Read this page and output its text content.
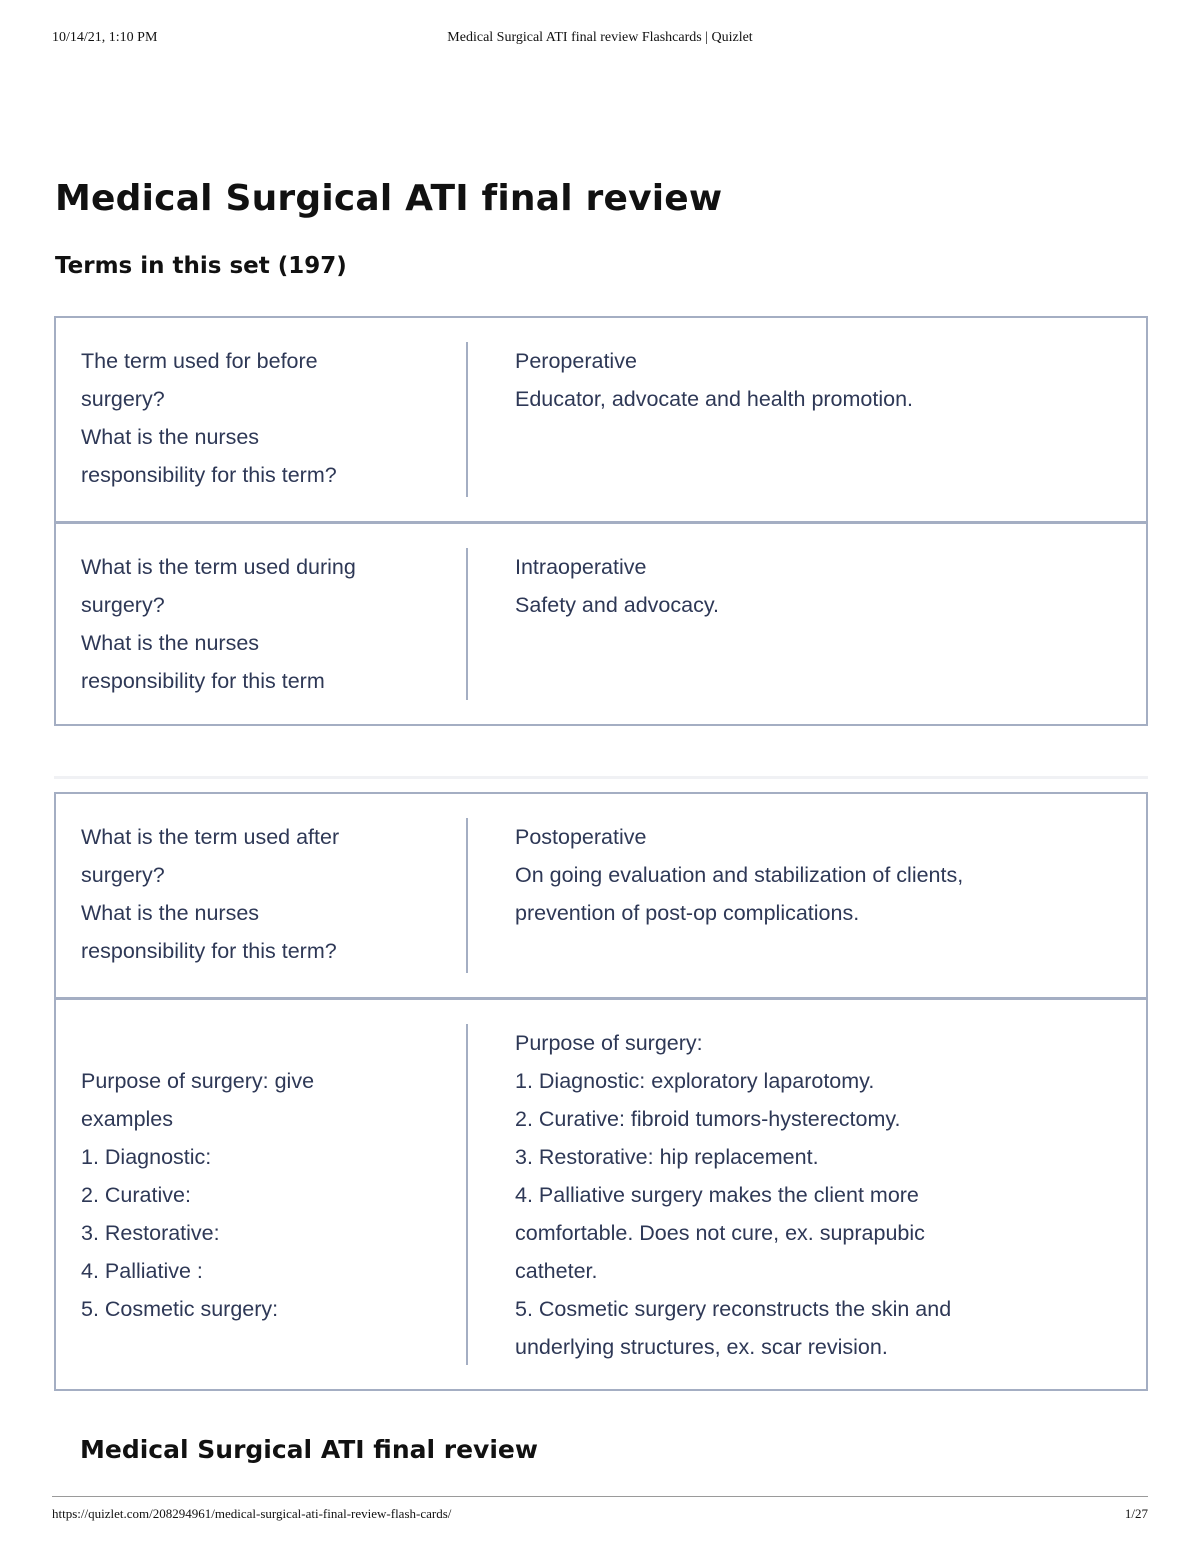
10/14/21, 1:10 PM	Medical Surgical ATI final review Flashcards | Quizlet
Medical Surgical ATI final review
Terms in this set (197)
The term used for before
surgery?
What is the nurses
responsibility for this term?
Peroperative
Educator, advocate and health promotion.
What is the term used during
surgery?
What is the nurses
responsibility for this term
Intraoperative
Safety and advocacy.
What is the term used after
surgery?
What is the nurses
responsibility for this term?
Postoperative
On going evaluation and stabilization of clients,
prevention of post-op complications.
Purpose of surgery: give
examples
1. Diagnostic:
2. Curative:
3. Restorative:
4. Palliative :
5. Cosmetic surgery:
Purpose of surgery:
1. Diagnostic: exploratory laparotomy.
2. Curative: fibroid tumors-hysterectomy.
3. Restorative: hip replacement.
4. Palliative surgery makes the client more
comfortable. Does not cure, ex. suprapubic
catheter.
5. Cosmetic surgery reconstructs the skin and
underlying structures, ex. scar revision.
Medical Surgical ATI final review
https://quizlet.com/208294961/medical-surgical-ati-final-review-flash-cards/	1/27
